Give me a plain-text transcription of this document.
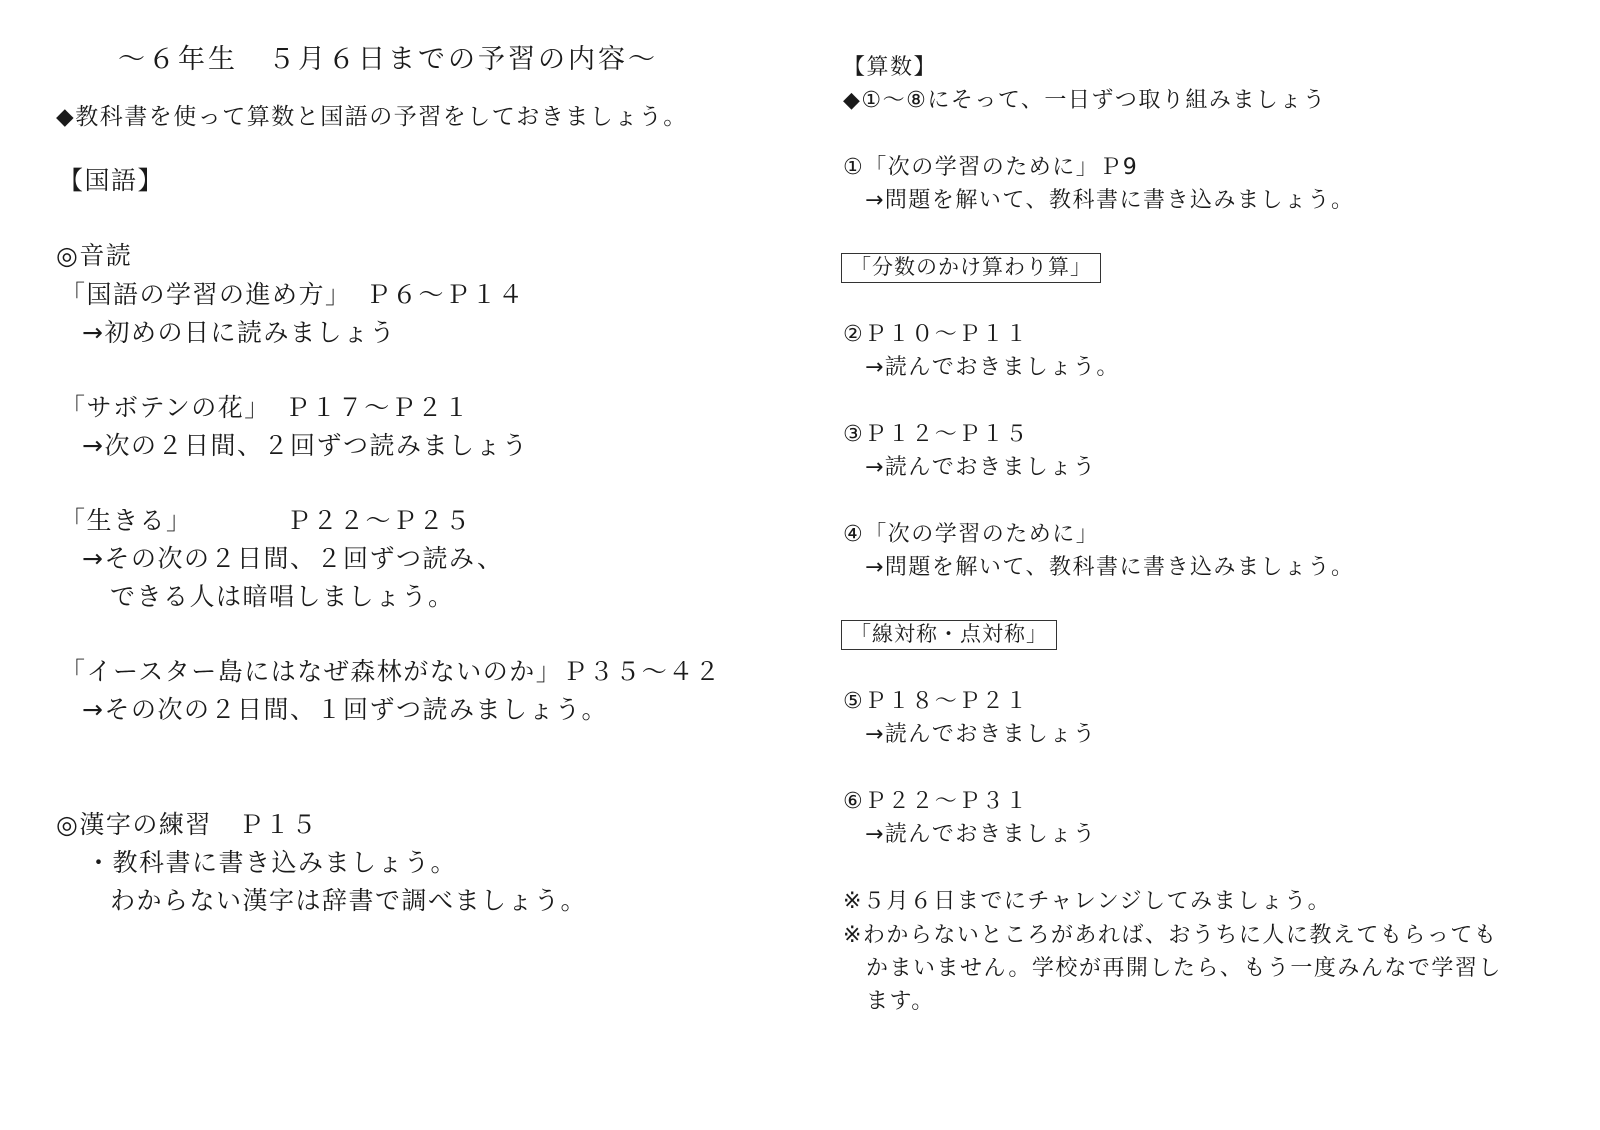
～６年生　５月６日までの予習の内容～
◆教科書を使って算数と国語の予習をしておきましょう。
【国語】
◎音読
「国語の学習の進め方」　Ｐ６～Ｐ１４
→初めの日に読みましょう
「サボテンの花」　Ｐ１７～Ｐ２１
→次の２日間、２回ずつ読みましょう
「生きる」　　　　Ｐ２２～Ｐ２５
→その次の２日間、２回ずつ読み、
できる人は暗唱しましょう。
「イースター島にはなぜ森林がないのか」Ｐ３５～４２
→その次の２日間、１回ずつ読みましょう。
◎漢字の練習　Ｐ１５
・教科書に書き込みましょう。
わからない漢字は辞書で調べましょう。
【算数】
◆①～⑧にそって、一日ずつ取り組みましょう
①「次の学習のために」Ｐ9
→問題を解いて、教科書に書き込みましょう。
「分数のかけ算わり算」
②Ｐ１０～Ｐ１１
→読んでおきましょう。
③Ｐ１２～Ｐ１５
→読んでおきましょう
④「次の学習のために」
→問題を解いて、教科書に書き込みましょう。
「線対称・点対称」
⑤Ｐ１８～Ｐ２１
→読んでおきましょう
⑥Ｐ２２～Ｐ３１
→読んでおきましょう
※５月６日までにチャレンジしてみましょう。
※わからないところがあれば、おうちに人に教えてもらっても
かまいません。学校が再開したら、もう一度みんなで学習し
ます。
